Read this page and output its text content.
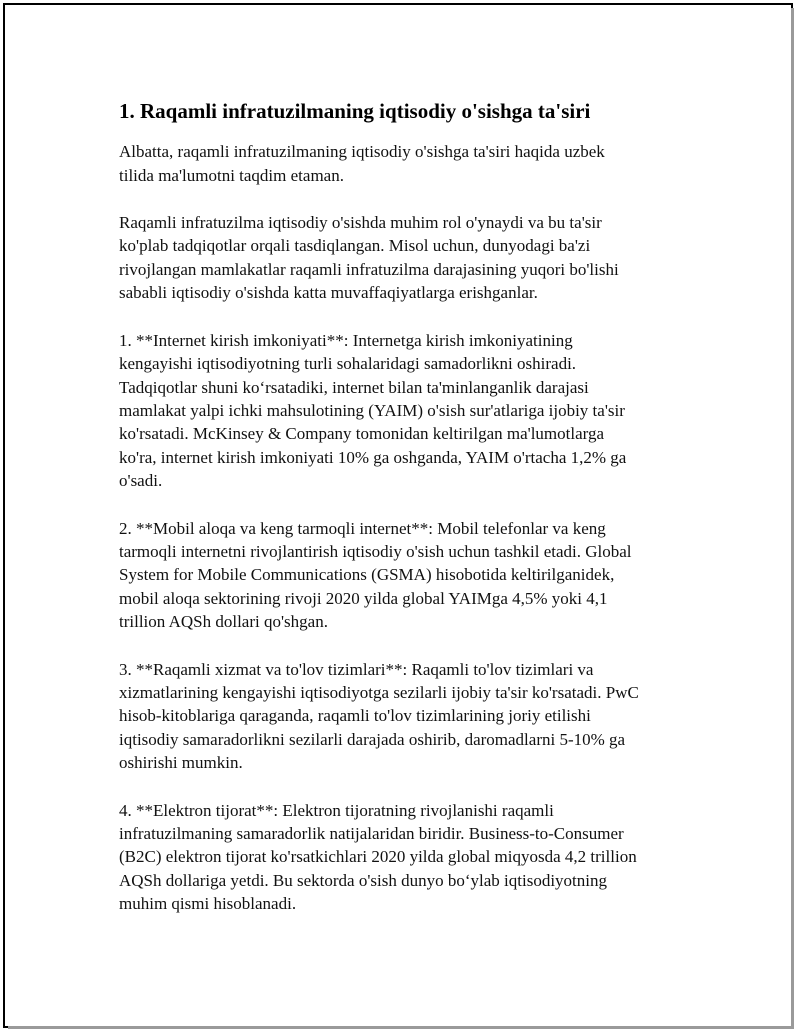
1. Raqamli infratuzilmaning iqtisodiy o'sishga ta'siri

Albatta, raqamli infratuzilmaning iqtisodiy o'sishga ta'siri haqida uzbek
tilida ma'lumotni taqdim etaman.

Raqamli infratuzilma iqtisodiy o'sishda muhim rol o'ynaydi va bu ta'sir
ko'plab tadqiqotlar orqali tasdiqlangan. Misol uchun, dunyodagi ba'zi
rivojlangan mamlakatlar raqamli infratuzilma darajasining yuqori bo'lishi
sababli iqtisodiy o'sishda katta muvaffaqiyatlarga erishganlar.

1. **Internet kirish imkoniyati**: Internetga kirish imkoniyatining
kengayishi iqtisodiyotning turli sohalaridagi samadorlikni oshiradi.
Tadqiqotlar shuni ko‘rsatadiki, internet bilan ta'minlanganlik darajasi
mamlakat yalpi ichki mahsulotining (YAIM) o'sish sur'atlariga ijobiy ta'sir
ko'rsatadi. McKinsey & Company tomonidan keltirilgan ma'lumotlarga
ko'ra, internet kirish imkoniyati 10% ga oshganda, YAIM o'rtacha 1,2% ga
o'sadi.

2. **Mobil aloqa va keng tarmoqli internet**: Mobil telefonlar va keng
tarmoqli internetni rivojlantirish iqtisodiy o'sish uchun tashkil etadi. Global
System for Mobile Communications (GSMA) hisobotida keltirilganidek,
mobil aloqa sektorining rivoji 2020 yilda global YAIMga 4,5% yoki 4,1
trillion AQSh dollari qo'shgan.

3. **Raqamli xizmat va to'lov tizimlari**: Raqamli to'lov tizimlari va
xizmatlarining kengayishi iqtisodiyotga sezilarli ijobiy ta'sir ko'rsatadi. PwC
hisob-kitoblariga qaraganda, raqamli to'lov tizimlarining joriy etilishi
iqtisodiy samaradorlikni sezilarli darajada oshirib, daromadlarni 5-10% ga
oshirishi mumkin.

4. **Elektron tijorat**: Elektron tijoratning rivojlanishi raqamli
infratuzilmaning samaradorlik natijalaridan biridir. Business-to-Consumer
(B2C) elektron tijorat ko'rsatkichlari 2020 yilda global miqyosda 4,2 trillion
AQSh dollariga yetdi. Bu sektorda o'sish dunyo bo‘ylab iqtisodiyotning
muhim qismi hisoblanadi.
